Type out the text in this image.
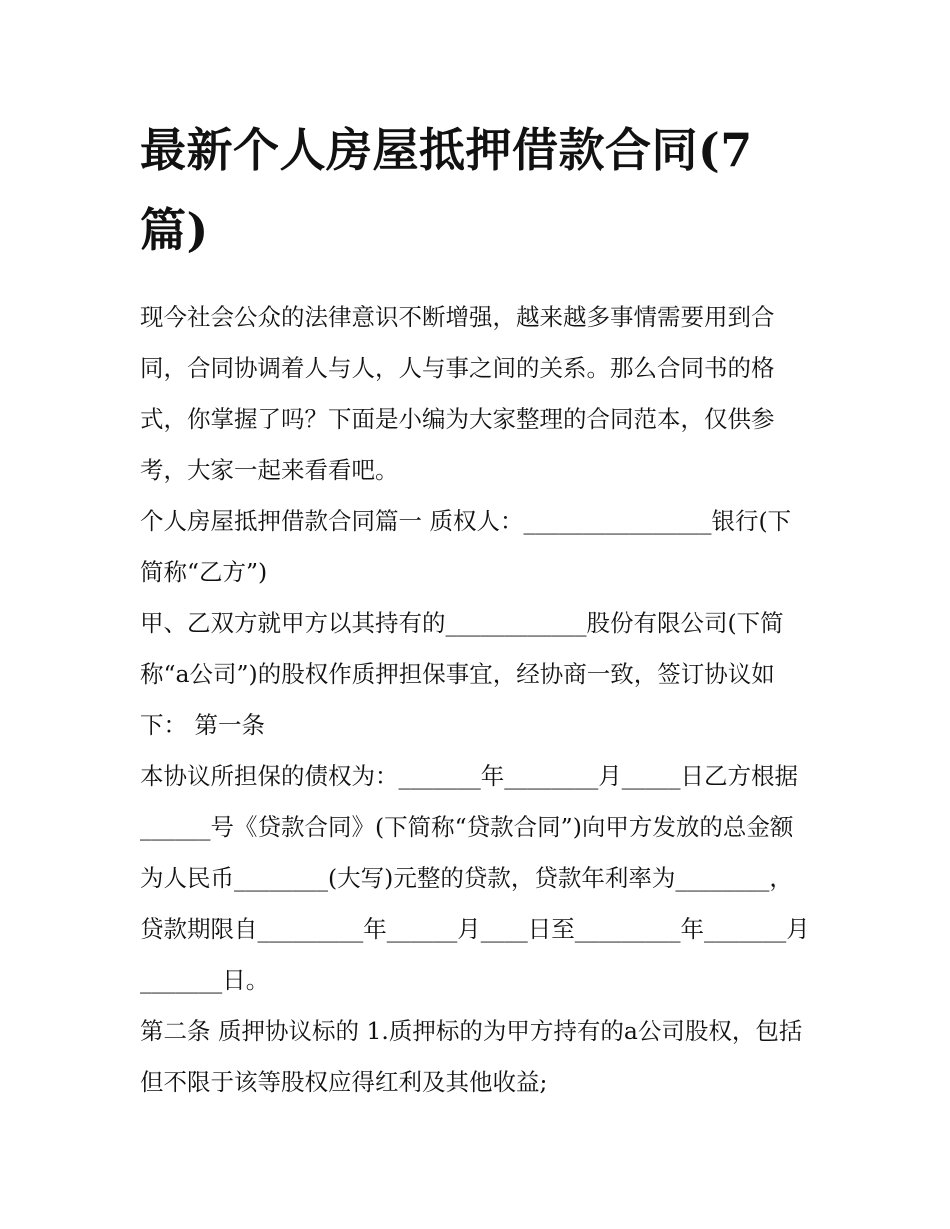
最新个人房屋抵押借款合同(7篇)

现今社会公众的法律意识不断增强，越来越多事情需要用到合同，合同协调着人与人，人与事之间的关系。那么合同书的格式，你掌握了吗？下面是小编为大家整理的合同范本，仅供参考，大家一起来看看吧。

个人房屋抵押借款合同篇一 质权人：________________银行(下简称“乙方”)

甲、乙双方就甲方以其持有的____________股份有限公司(下简称“a公司”)的股权作质押担保事宜，经协商一致，签订协议如下： 第一条

本协议所担保的债权为：_______年________月_____日乙方根据______号《贷款合同》(下简称“贷款合同”)向甲方发放的总金额为人民币________(大写)元整的贷款，贷款年利率为________，贷款期限自_________年______月____日至_________年_______月_______日。

第二条 质押协议标的 1.质押标的为甲方持有的a公司股权，包括但不限于该等股权应得红利及其他收益;
